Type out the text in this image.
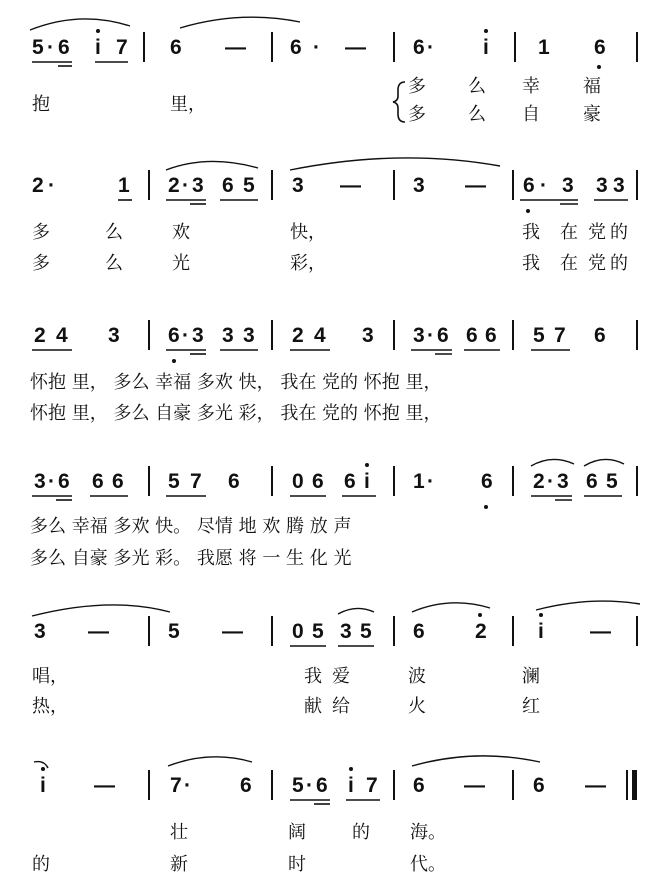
5 · 6 i 7 6 — 6 · — 6 · i 1 6
抱	里，
多 么 幸 福
多 么 自 豪
2 ·	1 2 · 3 6 5 3 — 3 — 6 · 3 3 3
多	么	欢	快，	我 在 党 的
多	么	光	彩，	我 在 党 的
2 4 3 6 · 3 3 3 2 4 3 3 · 6 6 6 5 7 6
怀抱 里， 多么 幸福 多欢 快， 我在 党的 怀抱 里，
怀抱 里， 多么 自豪 多光 彩， 我在 党的 怀抱 里，
3 · 6 6 6 5 7 6 0 6 6 i 1 · 6 2 · 3 6 5
多么 幸福 多欢 快。 尽情 地 欢 腾 放 声
多么 自豪 多光 彩。 我愿 将 一 生 化 光
3 —	5 — 0 5 3 5 6 2 i —
唱，	我 爱	波	澜
热，	献 给	火	红
i —	7 · 6 5 · 6 i 7 6 — 6 —
壮	阔	的 海。
的	新	时	代。
